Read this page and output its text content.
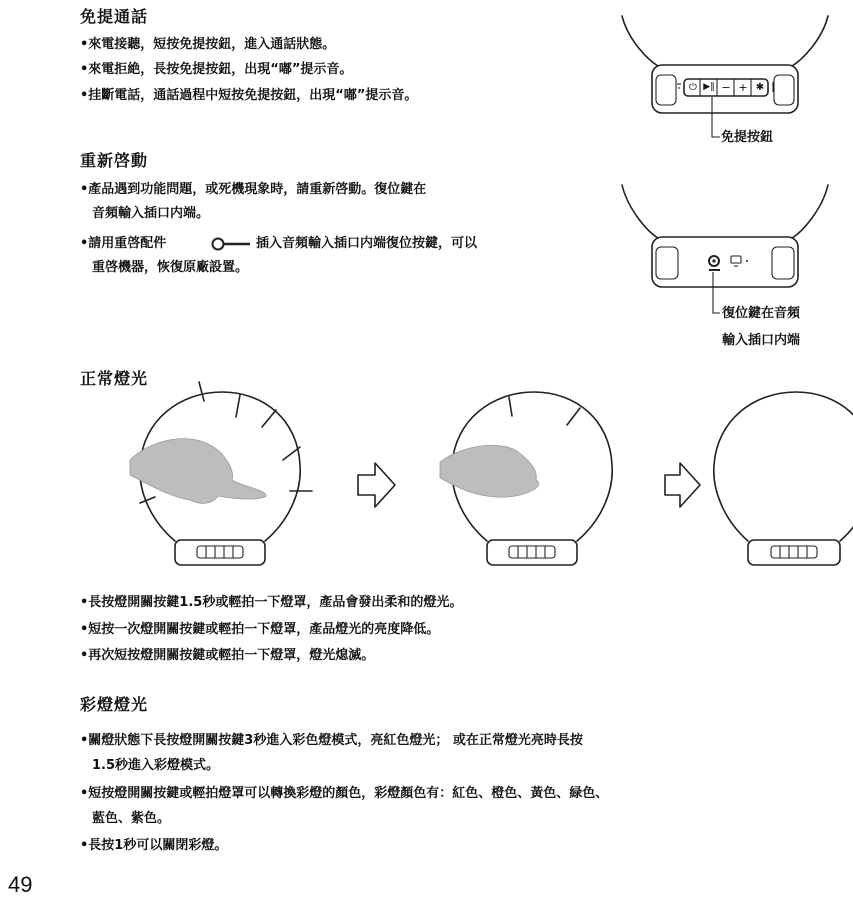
免提通話
•來電接聽，短按免提按鈕，進入通話狀態。
•來電拒絶，長按免提按鈕，出現“嘟”提示音。
•挂斷電話，通話過程中短按免提按鈕，出現“嘟”提示音。
⏻ ▶‖ − + ✱
免提按鈕
重新啓動
•產品遇到功能問題，或死機現象時，請重新啓動。復位鍵在
音頻輸入插口内端。
•請用重啓配件	插入音頻輸入插口内端復位按鍵，可以
重啓機器，恢復原廠設置。
復位鍵在音頻
輸入插口内端
正常燈光
•長按燈開關按鍵1.5秒或輕拍一下燈罩，產品會發出柔和的燈光。
•短按一次燈開關按鍵或輕拍一下燈罩，產品燈光的亮度降低。
•再次短按燈開關按鍵或輕拍一下燈罩，燈光熄滅。
彩燈燈光
•關燈狀態下長按燈開關按鍵3秒進入彩色燈模式，亮紅色燈光； 或在正常燈光亮時長按
1.5秒進入彩燈模式。
•短按燈開關按鍵或輕拍燈罩可以轉換彩燈的顏色，彩燈顏色有：紅色、橙色、黃色、緑色、
藍色、紫色。
•長按1秒可以關閉彩燈。
49
